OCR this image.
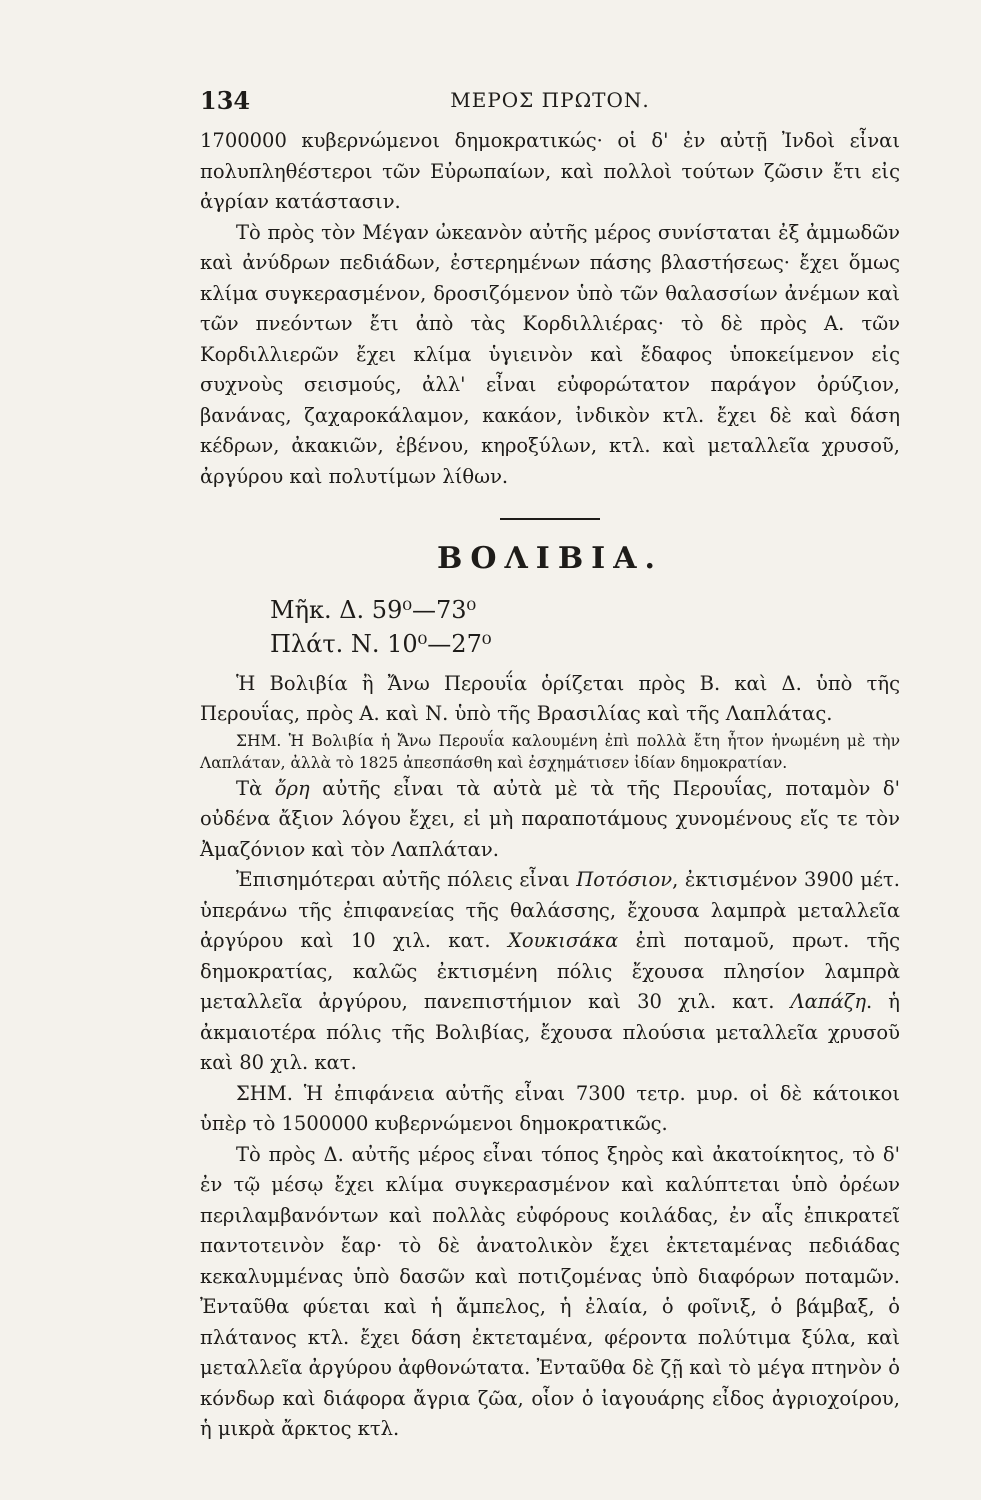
134	ΜΕΡΟΣ ΠΡΩΤΟΝ.

1700000 κυβερνώμενοι δημοκρατικώς· οἱ δ' ἐν αὐτῇ Ἰνδοὶ εἶναι πολυπληθέστεροι τῶν Εὐρωπαίων, καὶ πολλοὶ τούτων ζῶσιν ἔτι εἰς ἀγρίαν κατάστασιν.

Τὸ πρὸς τὸν Μέγαν ὠκεανὸν αὐτῆς μέρος συνίσταται ἐξ ἀμμωδῶν καὶ ἀνύδρων πεδιάδων, ἐστερημένων πάσης βλαστήσεως· ἔχει ὅμως κλίμα συγκερασμένον, δροσιζόμενον ὑπὸ τῶν θαλασσίων ἀνέμων καὶ τῶν πνεόντων ἔτι ἀπὸ τὰς Κορδιλλιέρας· τὸ δὲ πρὸς Α. τῶν Κορδιλλιερῶν ἔχει κλίμα ὑγιεινὸν καὶ ἔδαφος ὑποκείμενον εἰς συχνοὺς σεισμούς, ἀλλ' εἶναι εὐφορώτατον παράγον ὀρύζιον, βανάνας, ζαχαροκάλαμον, κακάον, ἰνδικὸν κτλ. ἔχει δὲ καὶ δάση κέδρων, ἀκακιῶν, ἐβένου, κηροξύλων, κτλ. καὶ μεταλλεῖα χρυσοῦ, ἀργύρου καὶ πολυτίμων λίθων.

ΒΟΛΙΒΙΑ.
Μῆκ. Δ. 59⁰—73⁰
Πλάτ. Ν. 10⁰—27⁰

Ἡ Βολιβία ἢ Ἄνω Περουΐα ὁρίζεται πρὸς Β. καὶ Δ. ὑπὸ τῆς Περουΐας, πρὸς Α. καὶ Ν. ὑπὸ τῆς Βρασιλίας καὶ τῆς Λαπλάτας.

ΣΗΜ. Ἡ Βολιβία ἡ Ἄνω Περουΐα καλουμένη ἐπὶ πολλὰ ἔτη ἦτον ἡνωμένη μὲ τὴν Λαπλάταν, ἀλλὰ τὸ 1825 ἀπεσπάσθη καὶ ἐσχημάτισεν ἰδίαν δημοκρατίαν.

Τὰ ὄρη αὐτῆς εἶναι τὰ αὐτὰ μὲ τὰ τῆς Περουΐας, ποταμὸν δ' οὐδένα ἄξιον λόγου ἔχει, εἰ μὴ παραποτάμους χυνομένους εἴς τε τὸν Ἀμαζόνιον καὶ τὸν Λαπλάταν.

Ἐπισημότεραι αὐτῆς πόλεις εἶναι Ποτόσιον, ἐκτισμένον 3900 μέτ. ὑπεράνω τῆς ἐπιφανείας τῆς θαλάσσης, ἔχουσα λαμπρὰ μεταλλεῖα ἀργύρου καὶ 10 χιλ. κατ. Χουκισάκα ἐπὶ ποταμοῦ, πρωτ. τῆς δημοκρατίας, καλῶς ἐκτισμένη πόλις ἔχουσα πλησίον λαμπρὰ μεταλλεῖα ἀργύρου, πανεπιστήμιον καὶ 30 χιλ. κατ. Λαπάζη. ἡ ἀκμαιοτέρα πόλις τῆς Βολιβίας, ἔχουσα πλούσια μεταλλεῖα χρυσοῦ καὶ 80 χιλ. κατ.

ΣΗΜ. Ἡ ἐπιφάνεια αὐτῆς εἶναι 7300 τετρ. μυρ. οἱ δὲ κάτοικοι ὑπὲρ τὸ 1500000 κυβερνώμενοι δημοκρατικῶς.

Τὸ πρὸς Δ. αὐτῆς μέρος εἶναι τόπος ξηρὸς καὶ ἀκατοίκητος, τὸ δ' ἐν τῷ μέσῳ ἔχει κλίμα συγκερασμένον καὶ καλύπτεται ὑπὸ ὀρέων περιλαμβανόντων καὶ πολλὰς εὐφόρους κοιλάδας, ἐν αἷς ἐπικρατεῖ παντοτεινὸν ἔαρ· τὸ δὲ ἀνατολικὸν ἔχει ἐκτεταμένας πεδιάδας κεκαλυμμένας ὑπὸ δασῶν καὶ ποτιζομένας ὑπὸ διαφόρων ποταμῶν. Ἐνταῦθα φύεται καὶ ἡ ἄμπελος, ἡ ἐλαία, ὁ φοῖνιξ, ὁ βάμβαξ, ὁ πλάτανος κτλ. ἔχει δάση ἐκτεταμένα, φέροντα πολύτιμα ξύλα, καὶ μεταλλεῖα ἀργύρου ἀφθονώτατα. Ἐνταῦθα δὲ ζῇ καὶ τὸ μέγα πτηνὸν ὁ κόνδωρ καὶ διάφορα ἄγρια ζῶα, οἷον ὁ ἰαγουάρης εἶδος ἀγριοχοίρου, ἡ μικρὰ ἄρκτος κτλ.
